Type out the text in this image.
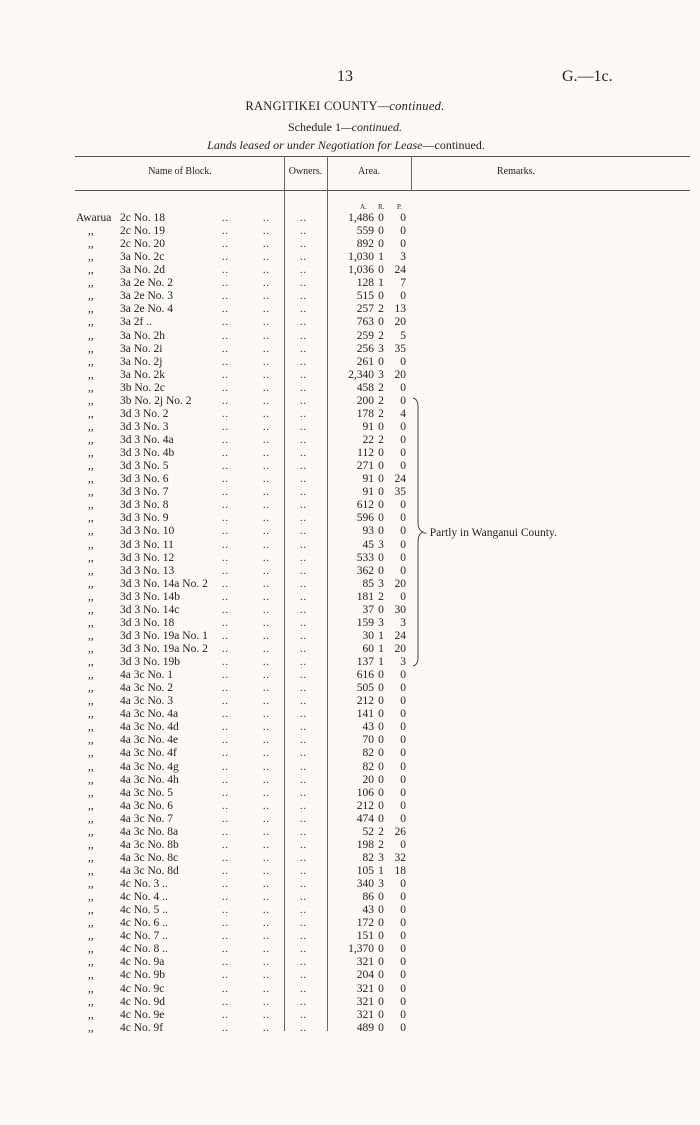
13	G.—1c.
RANGITIKEI COUNTY—continued.
Schedule 1—continued.
Lands leased or under Negotiation for Lease—continued.
Name of Block.	Owners.	Area.	Remarks.
A. R. P.
Awarua 2c No. 18	..	..	..	1,486 0	0
,,	2c No. 19	..	..	..	559 0	0
,,	2c No. 20	..	..	..	892 0	0
,,	3a No. 2c	..	..	..	1,030 1	3
,,	3a No. 2d	..	..	..	1,036 0 24
,,	3a 2e No. 2	..	..	..	128 1	7
,,	3a 2e No. 3	..	..	..	515 0	0
,,	3a 2e No. 4	..	..	..	257 2 13
,,	3a 2f ..	..	..	..	763 0 20
,,	3a No. 2h	..	..	..	259 2	5
,,	3a No. 2i	..	..	..	256 3 35
,,	3a No. 2j	..	..	..	261 0	0
,,	3a No. 2k	..	..	..	2,340 3 20
,,	3b No. 2c	..	..	..	458 2	0
,,	3b No. 2j No. 2	..	..	..	200 2	0
,,	3d 3 No. 2	..	..	..	178 2	4
,,	3d 3 No. 3	..	..	..	91 0	0
,,	3d 3 No. 4a	..	..	..	22 2	0
,,	3d 3 No. 4b	..	..	..	112 0	0
,,	3d 3 No. 5	..	..	..	271 0	0
,,	3d 3 No. 6	..	..	..	91 0 24
,,	3d 3 No. 7	..	..	..	91 0 35
,,	3d 3 No. 8	..	..	..	612 0	0
,,	3d 3 No. 9	..	..	..	596 0	0
,,	3d 3 No. 10	..	..	..	93 0	0
,,	3d 3 No. 11	..	..	..	45 3	0
,,	3d 3 No. 12	..	..	..	533 0	0
,,	3d 3 No. 13	..	..	..	362 0	0
,,	3d 3 No. 14a No. 2 ..	..	..	85 3 20
,,	3d 3 No. 14b	..	..	..	181 2	0
,,	3d 3 No. 14c	..	..	..	37 0 30
,,	3d 3 No. 18	..	..	..	159 3	3
,,	3d 3 No. 19a No. 1 ..	..	..	30 1 24
,,	3d 3 No. 19a No. 2 ..	..	..	60 1 20
,,	3d 3 No. 19b	..	..	..	137 1	3
,,	4a 3c No. 1	..	..	..	616 0	0
,,	4a 3c No. 2	..	..	..	505 0	0
,,	4a 3c No. 3	..	..	..	212 0	0
,,	4a 3c No. 4a	..	..	..	141 0	0
,,	4a 3c No. 4d	..	..	..	43 0	0
,,	4a 3c No. 4e	..	..	..	70 0	0
,,	4a 3c No. 4f	..	..	..	82 0	0
,,	4a 3c No. 4g	..	..	..	82 0	0
,,	4a 3c No. 4h	..	..	..	20 0	0
,,	4a 3c No. 5	..	..	..	106 0	0
,,	4a 3c No. 6	..	..	..	212 0	0
,,	4a 3c No. 7	..	..	..	474 0	0
,,	4a 3c No. 8a	..	..	..	52 2 26
,,	4a 3c No. 8b	..	..	..	198 2	0
,,	4a 3c No. 8c	..	..	..	82 3 32
,,	4a 3c No. 8d	..	..	..	105 1 18
,,	4c No. 3 ..	..	..	..	340 3	0
,,	4c No. 4 ..	..	..	..	86 0	0
,,	4c No. 5 ..	..	..	..	43 0	0
,,	4c No. 6 ..	..	..	..	172 0	0
,,	4c No. 7 ..	..	..	..	151 0	0
,,	4c No. 8 ..	..	..	..	1,370 0	0
,,	4c No. 9a	..	..	..	321 0	0
,,	4c No. 9b	..	..	..	204 0	0
,,	4c No. 9c	..	..	..	321 0	0
,,	4c No. 9d	..	..	..	321 0	0
,,	4c No. 9e	..	..	..	321 0	0
,,	4c No. 9f	..	..	..	489 0	0
- Partly in Wanganui County.
